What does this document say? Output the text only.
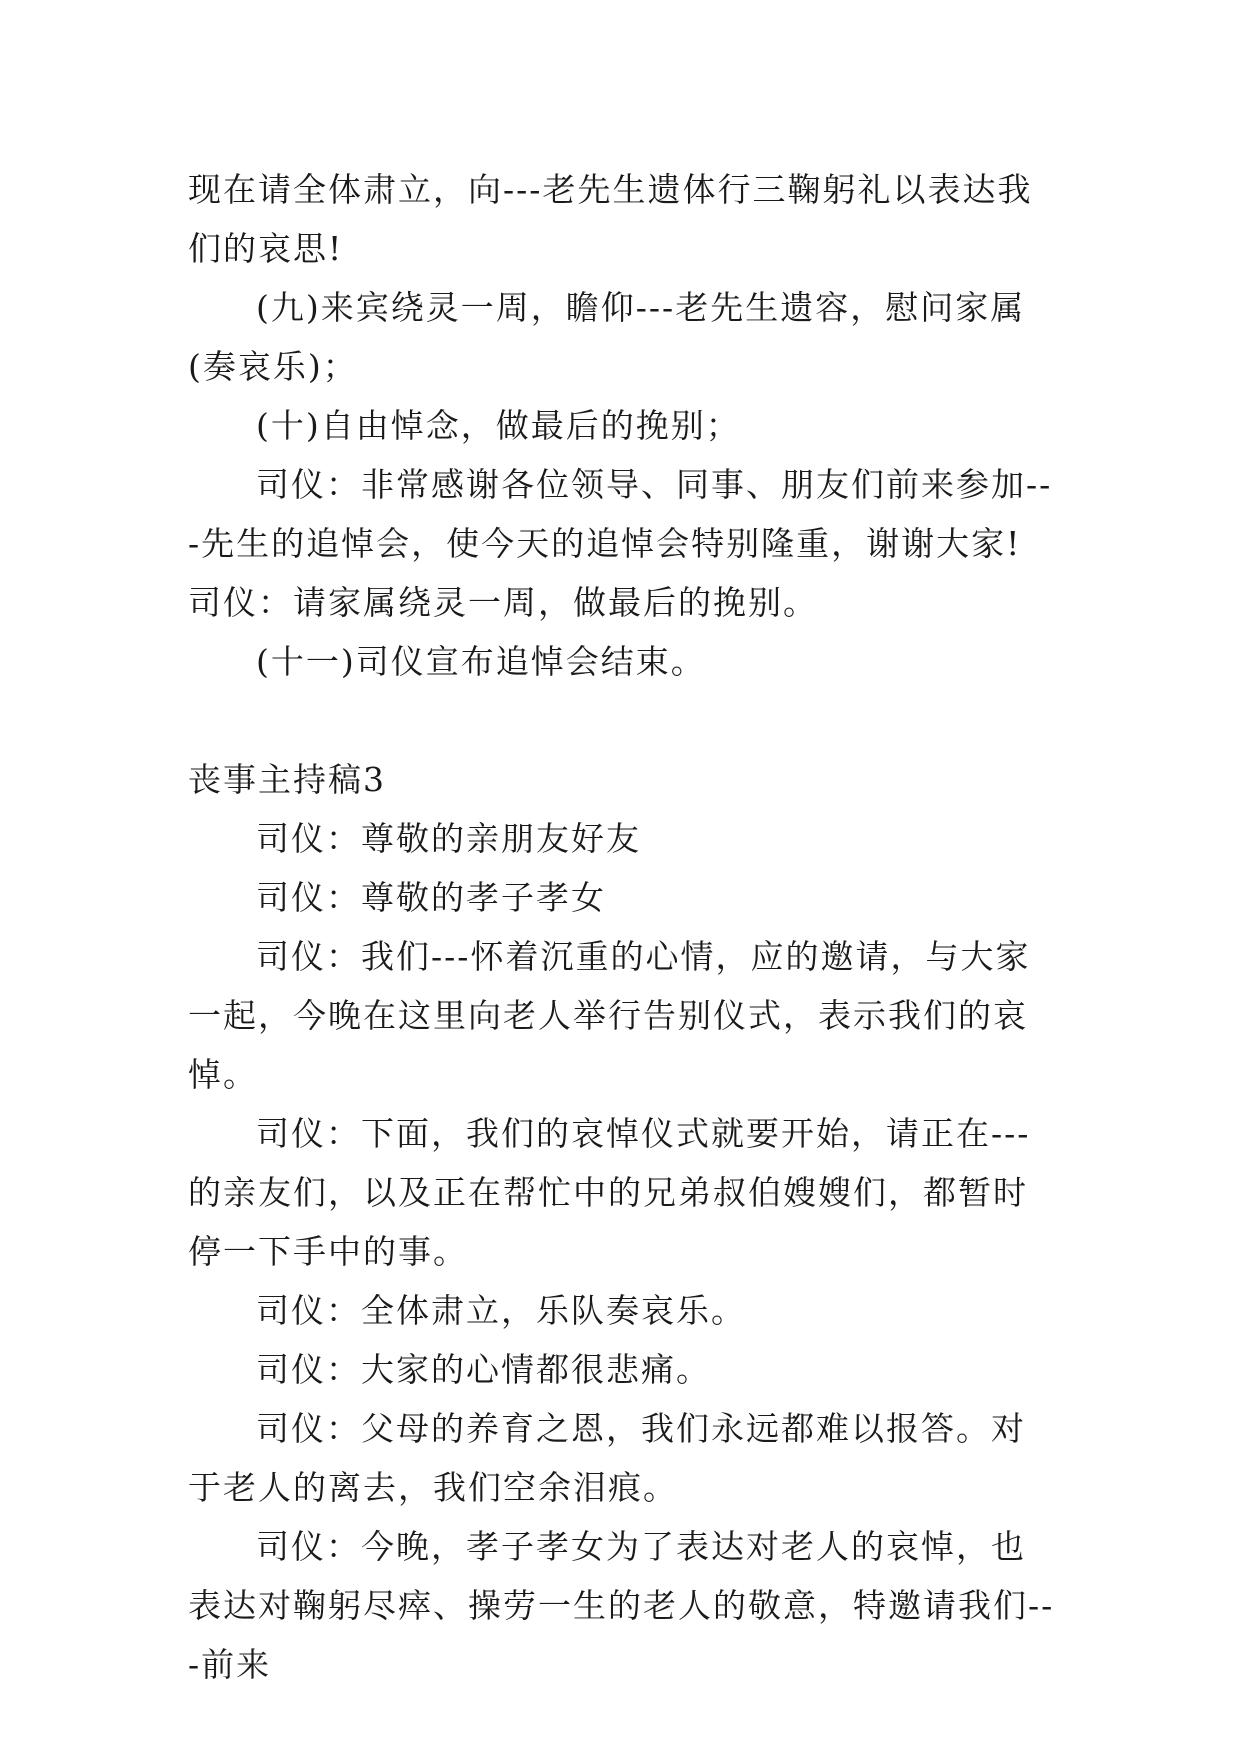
现在请全体肃立，向---老先生遗体行三鞠躬礼以表达我们的哀思!

(九)来宾绕灵一周，瞻仰---老先生遗容，慰问家属(奏哀乐)；

(十)自由悼念，做最后的挽别；

司仪：非常感谢各位领导、同事、朋友们前来参加---先生的追悼会，使今天的追悼会特别隆重，谢谢大家!司仪：请家属绕灵一周，做最后的挽别。

(十一)司仪宣布追悼会结束。

丧事主持稿3

司仪：尊敬的亲朋友好友

司仪：尊敬的孝子孝女

司仪：我们---怀着沉重的心情，应的邀请，与大家一起，今晚在这里向老人举行告别仪式，表示我们的哀悼。

司仪：下面，我们的哀悼仪式就要开始，请正在---的亲友们，以及正在帮忙中的兄弟叔伯嫂嫂们，都暂时停一下手中的事。

司仪：全体肃立，乐队奏哀乐。

司仪：大家的心情都很悲痛。

司仪：父母的养育之恩，我们永远都难以报答。对于老人的离去，我们空余泪痕。

司仪：今晚，孝子孝女为了表达对老人的哀悼，也表达对鞠躬尽瘁、操劳一生的老人的敬意，特邀请我们---前来
